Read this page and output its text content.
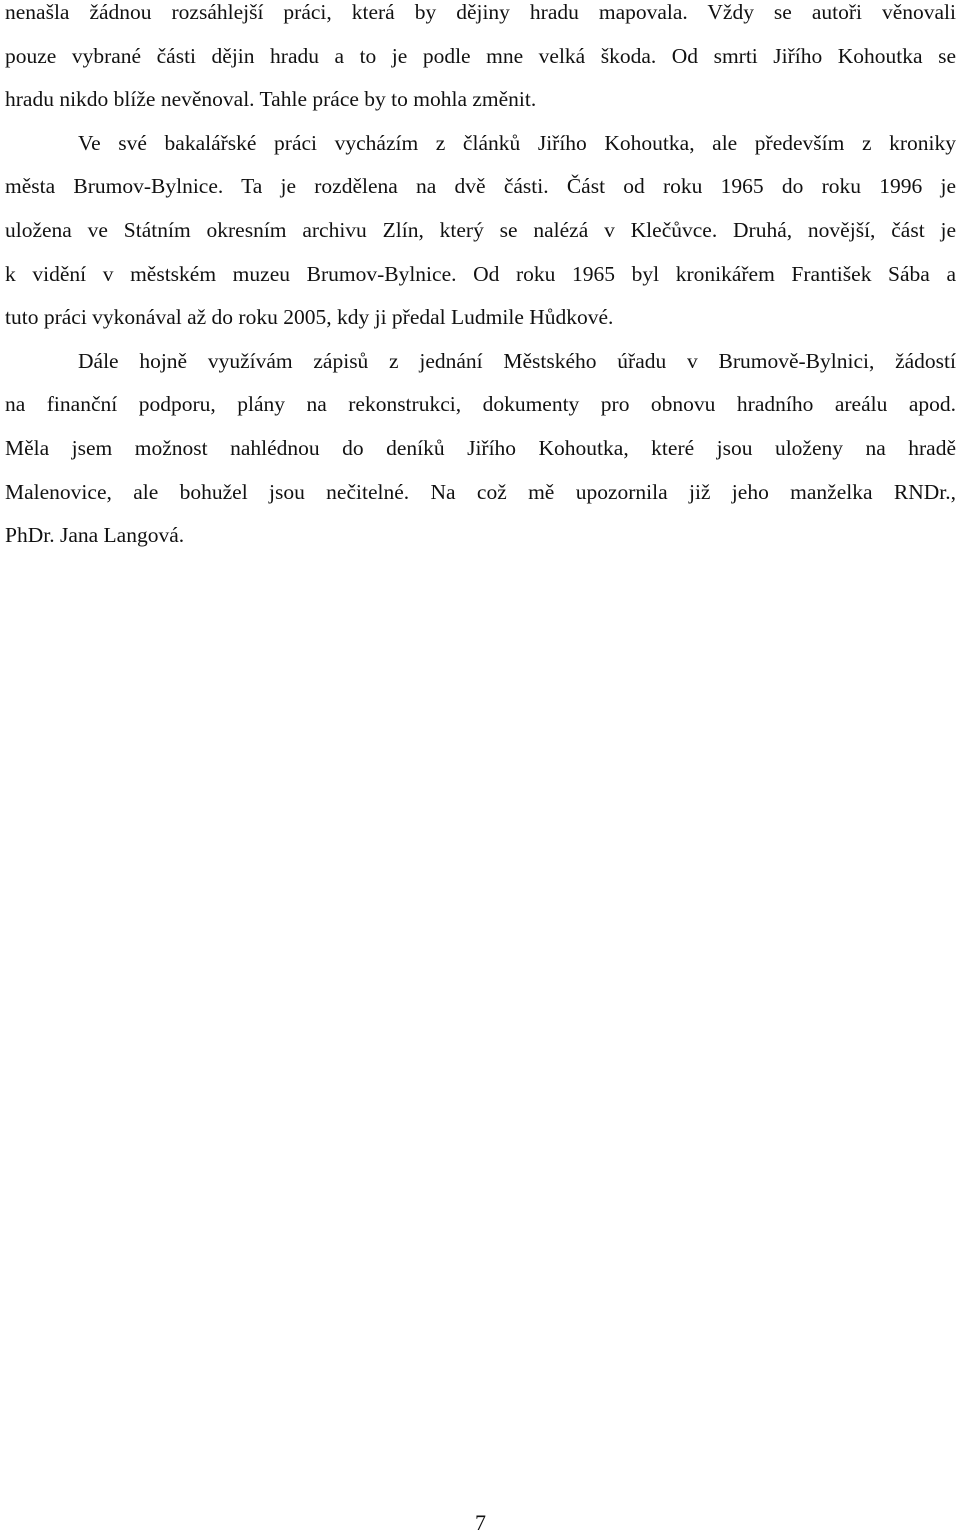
nenašla žádnou rozsáhlejší práci, která by dějiny hradu mapovala. Vždy se autoři věnovali
pouze vybrané části dějin hradu a to je podle mne velká škoda. Od smrti Jiřího Kohoutka se
hradu nikdo blíže nevěnoval. Tahle práce by to mohla změnit.
Ve své bakalářské práci vycházím z článků Jiřího Kohoutka, ale především z kroniky
města Brumov-Bylnice. Ta je rozdělena na dvě části. Část od roku 1965 do roku 1996 je
uložena ve Státním okresním archivu Zlín, který se nalézá v Klečůvce. Druhá, novější, část je
k vidění v městském muzeu Brumov-Bylnice. Od roku 1965 byl kronikářem František Sába a
tuto práci vykonával až do roku 2005, kdy ji předal Ludmile Hůdkové.
Dále hojně využívám zápisů z jednání Městského úřadu v Brumově-Bylnici, žádostí
na finanční podporu, plány na rekonstrukci, dokumenty pro obnovu hradního areálu apod.
Měla jsem možnost nahlédnou do deníků Jiřího Kohoutka, které jsou uloženy na hradě
Malenovice, ale bohužel jsou nečitelné. Na což mě upozornila již jeho manželka RNDr.,
PhDr. Jana Langová.
7
